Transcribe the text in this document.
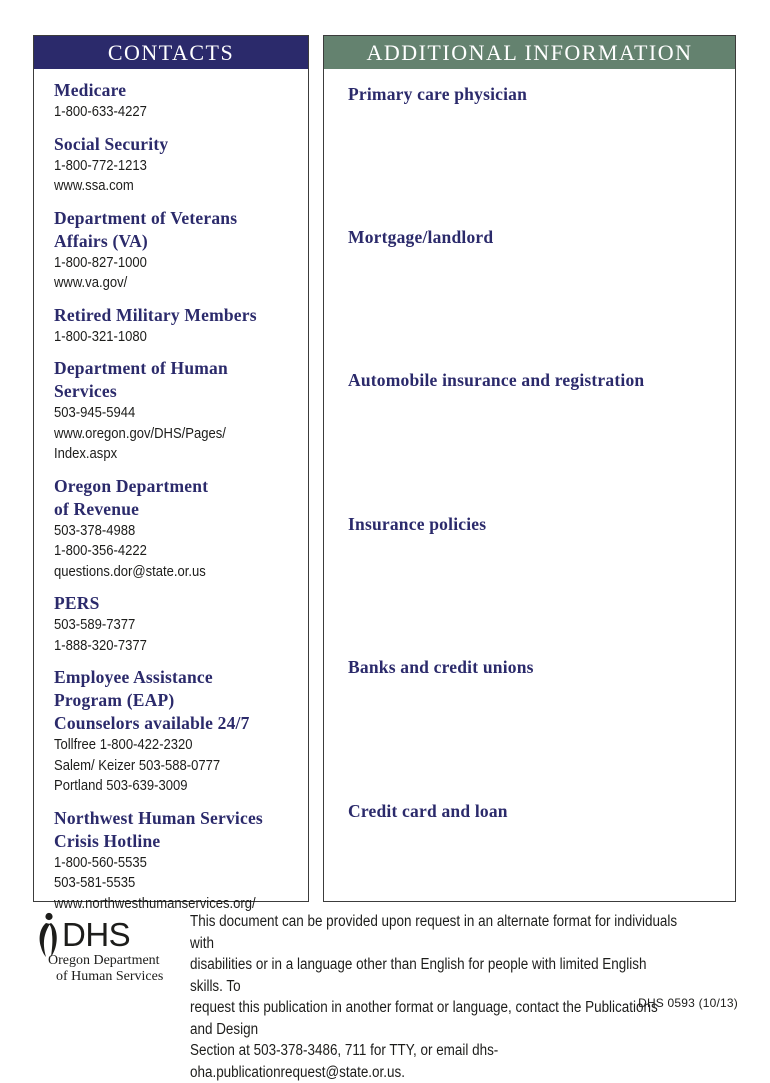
CONTACTS
Medicare
1-800-633-4227
Social Security
1-800-772-1213
www.ssa.com
Department of Veterans
Affairs (VA)
1-800-827-1000
www.va.gov/
Retired Military Members
1-800-321-1080
Department of Human
Services
503-945-5944
www.oregon.gov/DHS/Pages/
Index.aspx
Oregon Department
of Revenue
503-378-4988
1-800-356-4222
questions.dor@state.or.us
PERS
503-589-7377
1-888-320-7377
Employee Assistance
Program (EAP)
Counselors available 24/7
Tollfree 1-800-422-2320
Salem/ Keizer 503-588-0777
Portland 503-639-3009
Northwest Human Services
Crisis Hotline
1-800-560-5535
503-581-5535
www.northwesthumanservices.org/
ADDITIONAL INFORMATION
Primary care physician
Mortgage/landlord
Automobile insurance and registration
Insurance policies
Banks and credit unions
Credit card and loan
DHS
Oregon Department
of Human Services
This document can be provided upon request in an alternate format for individuals with
disabilities or in a language other than English for people with limited English skills. To
request this publication in another format or language, contact the Publications and Design
Section at 503-378-3486, 711 for TTY, or email dhs-oha.publicationrequest@state.or.us.
DHS 0593 (10/13)
